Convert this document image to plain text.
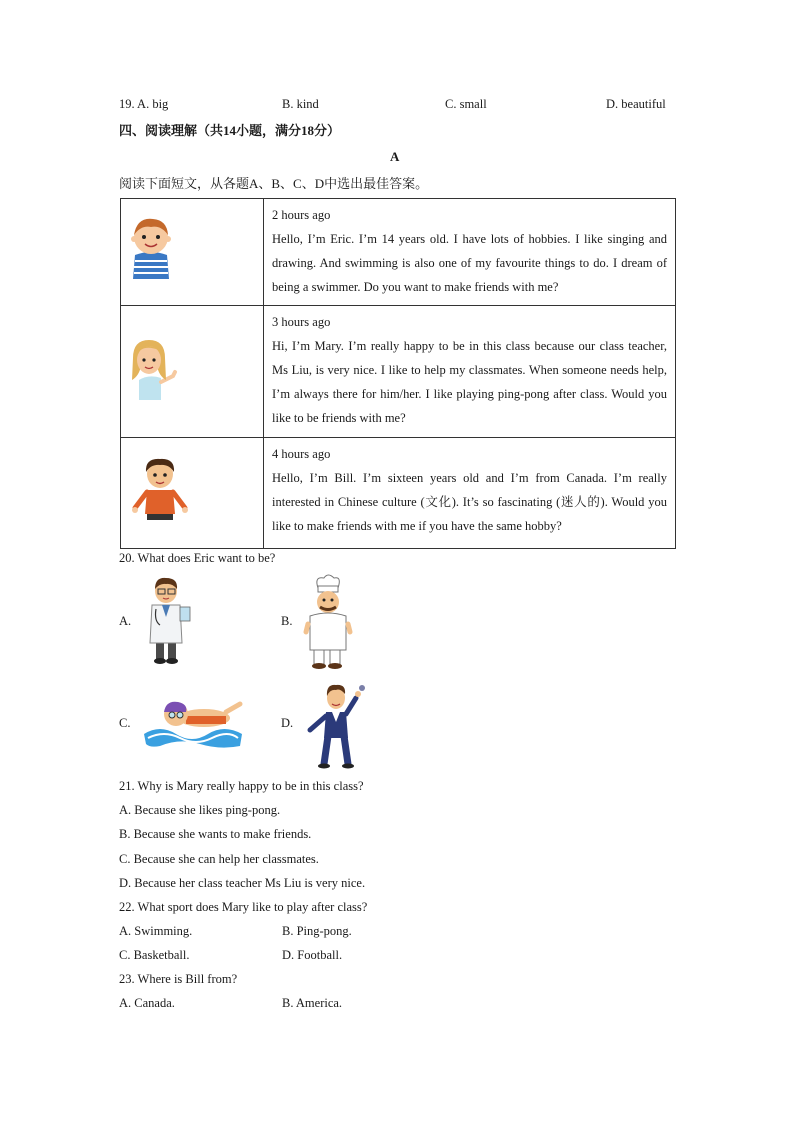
19. A. big	B. kind	C. small	D. beautiful
四、阅读理解（共14小题，满分18分）
A
阅读下面短文，从各题A、B、C、D中选出最佳答案。

2 hours ago
Hello, I’m Eric. I’m 14 years old. I have lots of hobbies. I like singing and drawing. And swimming is also one of my favourite things to do. I dream of being a swimmer. Do you want to make friends with me?

3 hours ago
Hi, I’m Mary. I’m really happy to be in this class because our class teacher, Ms Liu, is very nice. I like to help my classmates. When someone needs help, I’m always there for him/her. I like playing ping-pong after class. Would you like to be friends with me?

4 hours ago
Hello, I’m Bill. I’m sixteen years old and I’m from Canada. I’m really interested in Chinese culture (文化). It’s so fascinating (迷人的). Would you like to make friends with me if you have the same hobby?
20. What does Eric want to be?
A.	B.
C.	D.
21. Why is Mary really happy to be in this class?
A. Because she likes ping-pong.
B. Because she wants to make friends.
C. Because she can help her classmates.
D. Because her class teacher Ms Liu is very nice.
22. What sport does Mary like to play after class?
A. Swimming.	B. Ping-pong.
C. Basketball.	D. Football.
23. Where is Bill from?
A. Canada.	B. America.
